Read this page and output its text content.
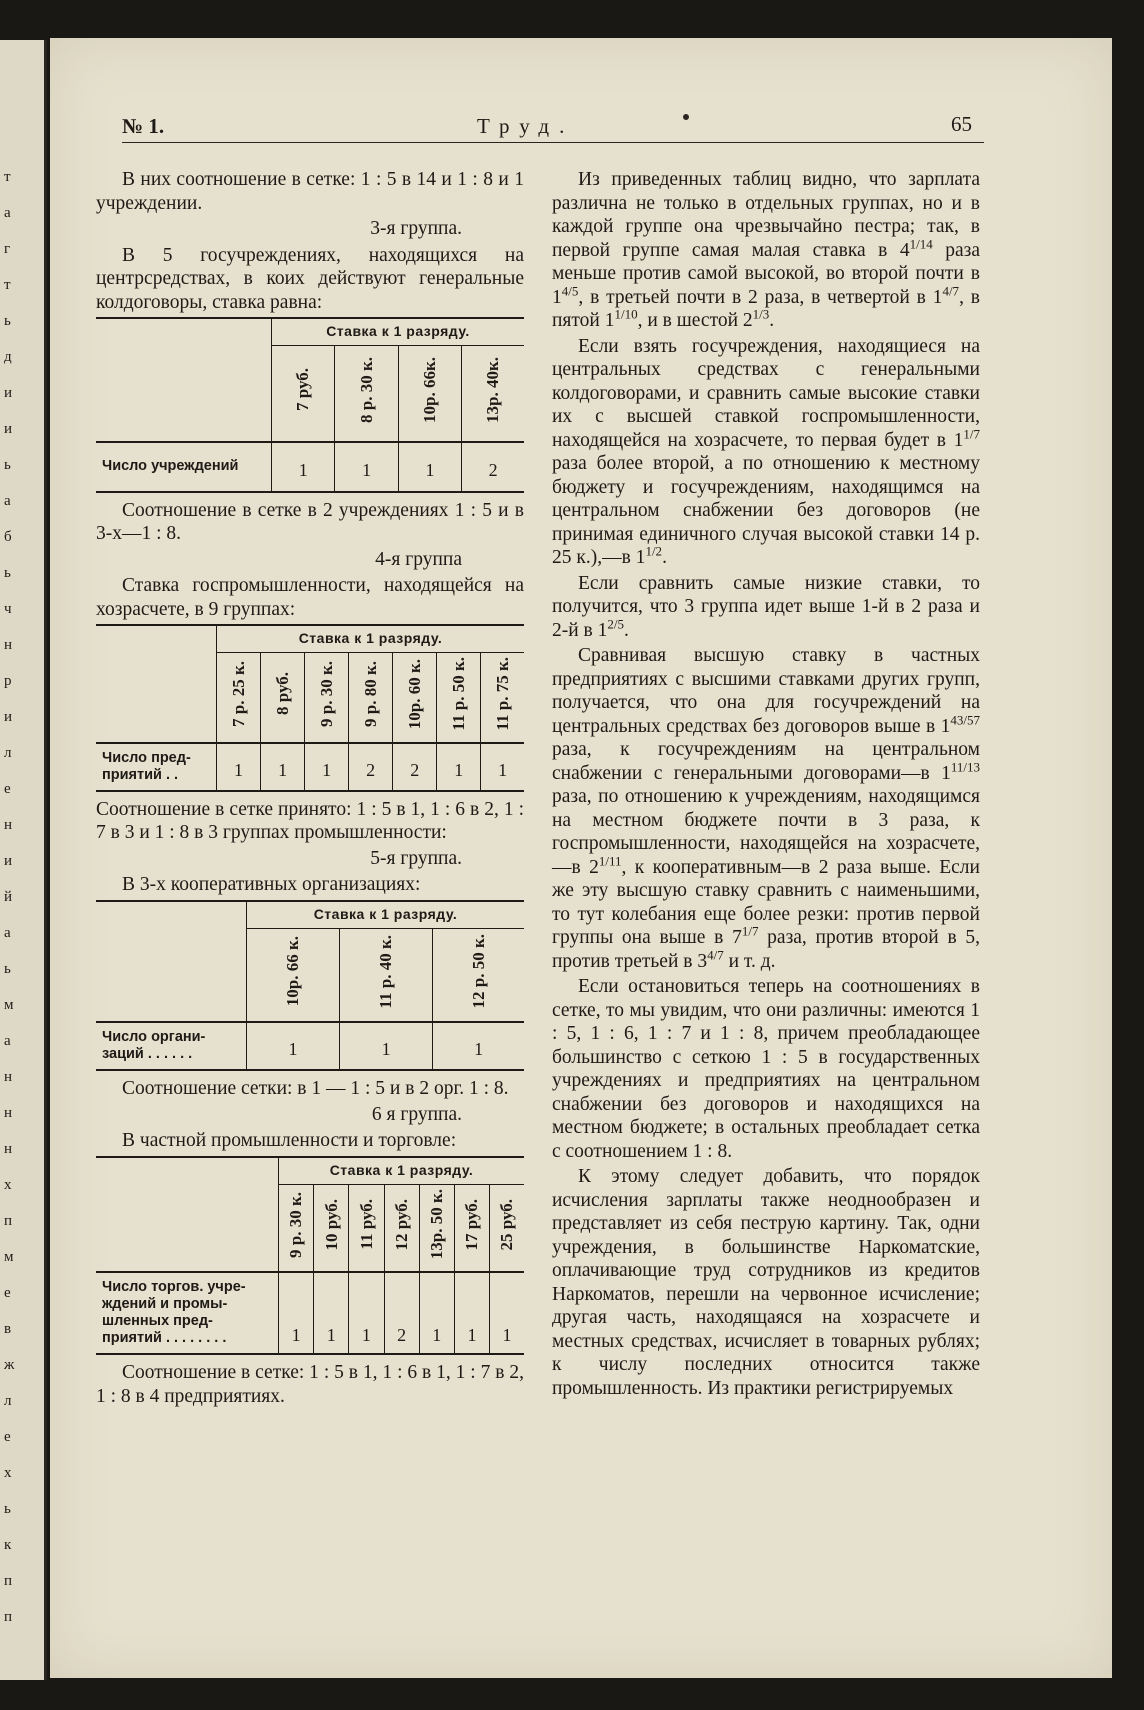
т
а
г
т
ь
д
и
и
ь
а
б
ь
ч
н
р
и
л
е
н
и
й
а
ь
м
а
н
н
н
х
п
м
е
в
ж
л
е
х
ь
к
п
п
№ 1.	Труд.	65

В них соотношение в сетке: 1 : 5 в 14 и 1 : 8 и 1 учреждении.

3-я группа.

В 5 госучреждениях, находящихся на центрсредствах, в коих действуют генеральные колдоговоры, ставка равна:

	Ставка к 1 разряду.			
	7 руб.	8 р. 30 к.	10р. 66к.	13р. 40к.
Число учреждений	1	1	1	2

Соотношение в сетке в 2 учреждениях 1 : 5 и в 3-х—1 : 8.

4-я группа

Ставка госпромышленности, находящейся на хозрасчете, в 9 группах:

	Ставка к 1 разряду.						
	7 р. 25 к.	8 руб.	9 р. 30 к.	9 р. 80 к.	10р. 60 к.	11 р. 50 к.	11 р. 75 к.

Число пред-
приятий . .	1	1	1	2	2	1	1

Соотношение в сетке принято: 1 : 5 в 1, 1 : 6 в 2, 1 : 7 в 3 и 1 : 8 в 3 группах промышленности:

5-я группа.

В 3-х кооперативных организациях:

	Ставка к 1 разряду.		
	10р. 66 к.	11 р. 40 к.	12 р. 50 к.

Число органи-
заций . . . . . .	1	1	1

Соотношение сетки: в 1 — 1 : 5 и в 2 орг. 1 : 8.

6 я группа.

В частной промышленности и торговле:

	Ставка к 1 разряду.						
	9 р. 30 к.	10 руб.	11 руб.	12 руб.	13р. 50 к.	17 руб.	25 руб.

Число торгов. учре-
ждений и промы-
шленных пред-
приятий . . . . . . . .	1	1	1	2	1	1	1

Соотношение в сетке: 1 : 5 в 1, 1 : 6 в 1, 1 : 7 в 2, 1 : 8 в 4 предприятиях.

Из приведенных таблиц видно, что зарплата различна не только в отдельных группах, но и в каждой группе она чрезвычайно пестра; так, в первой группе самая малая ставка в $4^{1/14}$ раза меньше против самой высокой, во второй почти в $1^{4/5}$, в третьей почти в 2 раза, в четвертой в $1^{4/7}$, в пятой $1^{1/10}$, и в шестой $2^{1/3}$.

Если взять госучреждения, находящиеся на центральных средствах с генеральными колдоговорами, и сравнить самые высокие ставки их с высшей ставкой госпромышленности, находящейся на хозрасчете, то первая будет в $1^{1/7}$ раза более второй, а по отношению к местному бюджету и госучреждениям, находящимся на центральном снабжении без договоров (не принимая единичного случая высокой ставки 14 р. 25 к.),—в $1^{1/2}$.

Если сравнить самые низкие ставки, то получится, что 3 группа идет выше 1-й в 2 раза и 2-й в $1^{2/5}$.

Сравнивая высшую ставку в частных предприятиях с высшими ставками других групп, получается, что она для госучреждений на центральных средствах без договоров выше в $1^{43/57}$ раза, к госучреждениям на центральном снабжении с генеральными договорами—в $1^{11/13}$ раза, по отношению к учреждениям, находящимся на местном бюджете почти в 3 раза, к госпромышленности, находящейся на хозрасчете,—в $2^{1/11}$, к кооперативным—в 2 раза выше. Если же эту высшую ставку сравнить с наименьшими, то тут колебания еще более резки: против первой группы она выше в $7^{1/7}$ раза, против второй в 5, против третьей в $3^{4/7}$ и т. д.

Если остановиться теперь на соотношениях в сетке, то мы увидим, что они различны: имеются 1 : 5, 1 : 6, 1 : 7 и 1 : 8, причем преобладающее большинство с сеткою 1 : 5 в государственных учреждениях и предприятиях на центральном снабжении без договоров и находящихся на местном бюджете; в остальных преобладает сетка с соотношением 1 : 8.

К этому следует добавить, что порядок исчисления зарплаты также неоднообразен и представляет из себя пеструю картину. Так, одни учреждения, в большинстве Наркоматские, оплачивающие труд сотрудников из кредитов Наркоматов, перешли на червонное исчисление; другая часть, находящаяся на хозрасчете и местных средствах, исчисляет в товарных рублях; к числу последних относится также промышленность. Из практики регистрируемых
